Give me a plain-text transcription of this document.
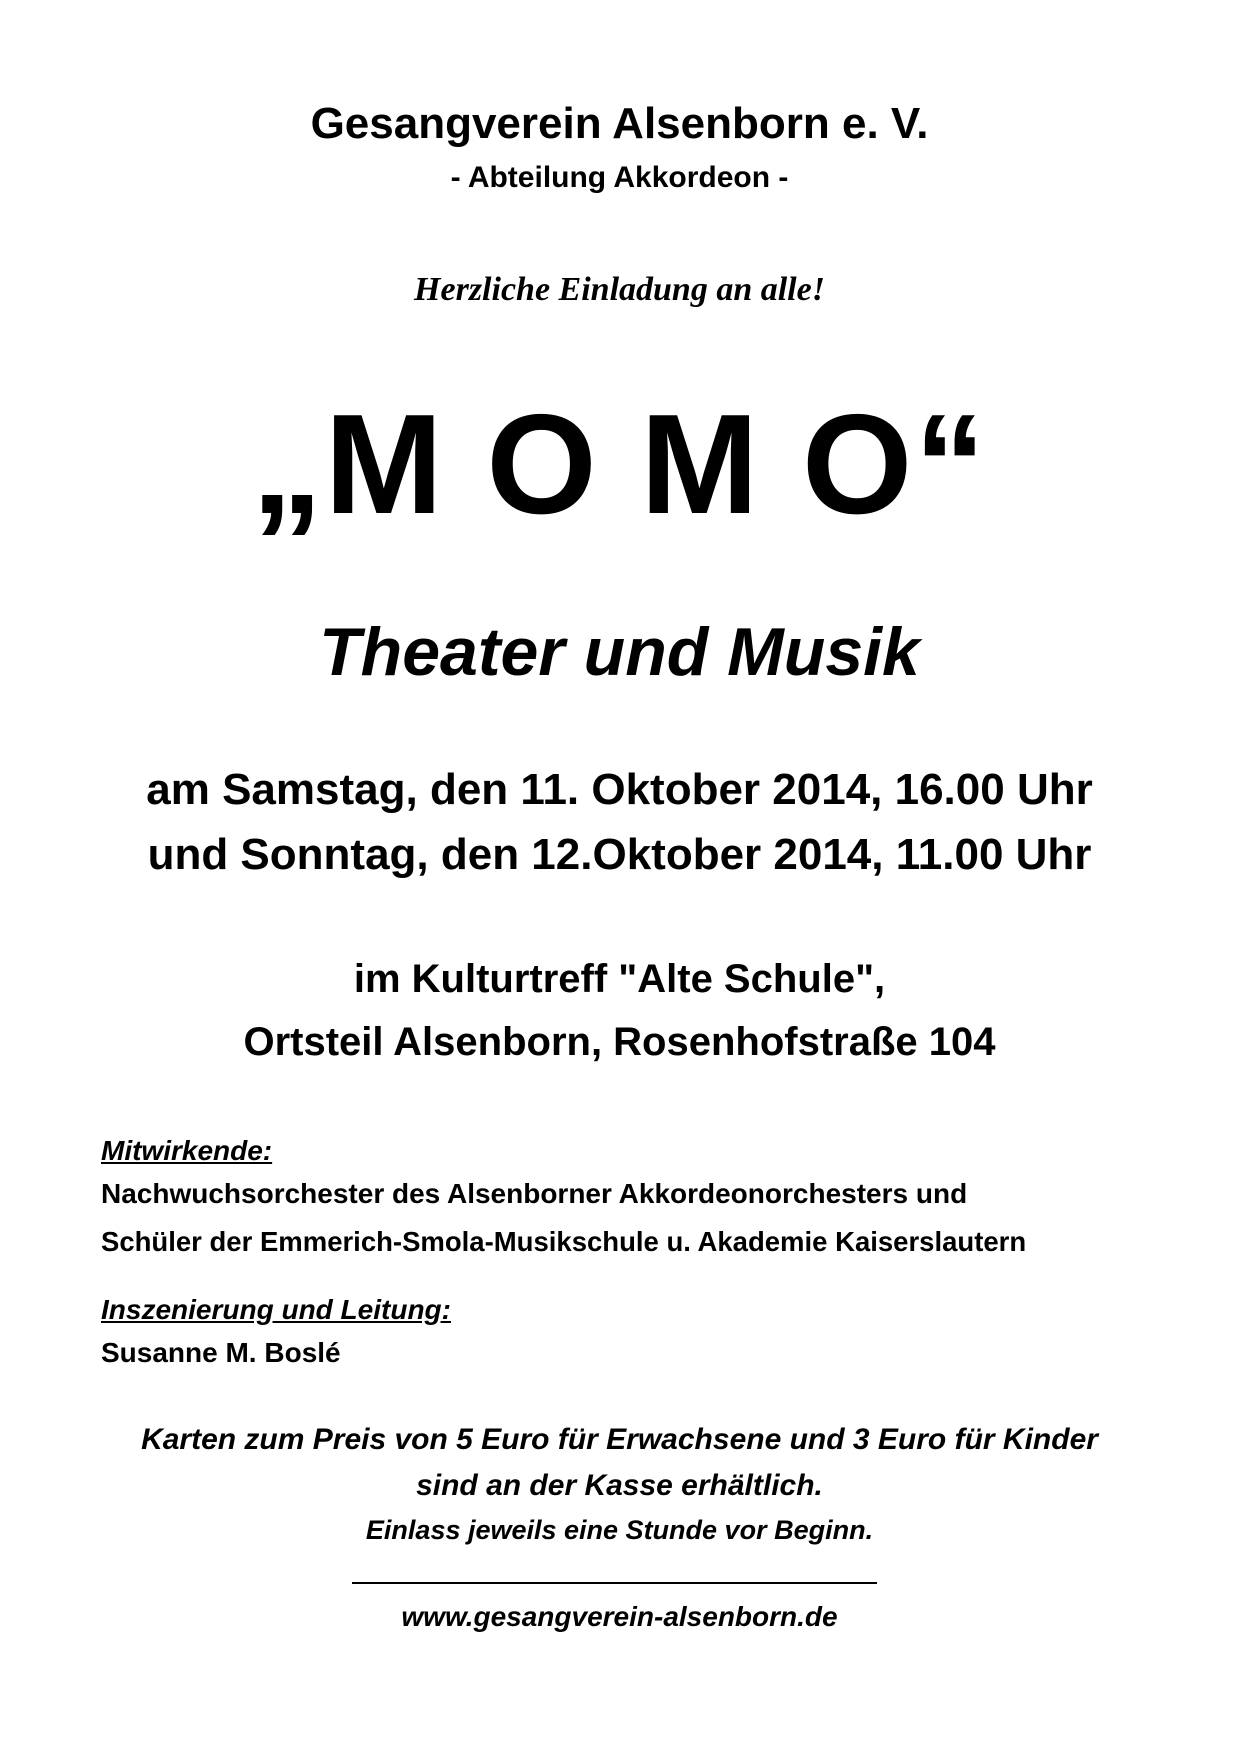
Gesangverein Alsenborn e. V.
- Abteilung Akkordeon -
Herzliche Einladung an alle!
„M O M O“
Theater und Musik
am Samstag, den 11. Oktober 2014, 16.00 Uhr
und Sonntag, den 12.Oktober 2014, 11.00 Uhr
im Kulturtreff "Alte Schule",
Ortsteil Alsenborn, Rosenhofstraße 104
Mitwirkende:
Nachwuchsorchester des Alsenborner Akkordeonorchesters und
Schüler der Emmerich-Smola-Musikschule u. Akademie Kaiserslautern
Inszenierung und Leitung:
Susanne M. Boslé
Karten zum Preis von 5 Euro für Erwachsene und 3 Euro für Kinder
sind an der Kasse erhältlich.
Einlass jeweils eine Stunde vor Beginn.
www.gesangverein-alsenborn.de
